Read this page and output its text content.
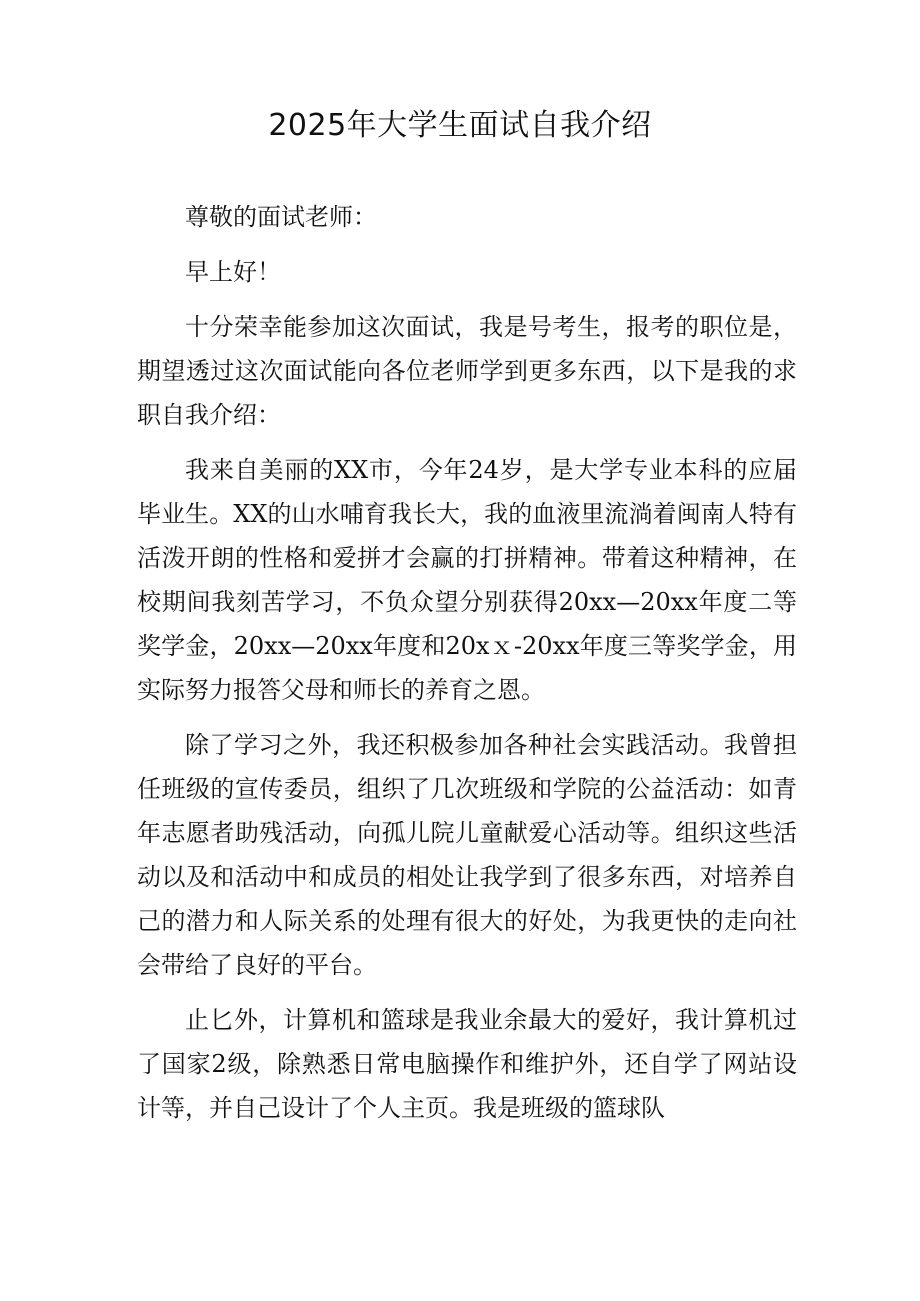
2025年大学生面试自我介绍

尊敬的面试老师：

早上好！

十分荣幸能参加这次面试，我是号考生，报考的职位是，期望透过这次面试能向各位老师学到更多东西，以下是我的求职自我介绍：

我来自美丽的XX市，今年24岁，是大学专业本科的应届毕业生。XX的山水哺育我长大，我的血液里流淌着闽南人特有活泼开朗的性格和爱拼才会赢的打拼精神。带着这种精神，在校期间我刻苦学习，不负众望分别获得20xx—20xx年度二等奖学金，20xx—20xx年度和20xｘ-20xx年度三等奖学金，用实际努力报答父母和师长的养育之恩。

除了学习之外，我还积极参加各种社会实践活动。我曾担任班级的宣传委员，组织了几次班级和学院的公益活动：如青年志愿者助残活动，向孤儿院儿童献爱心活动等。组织这些活动以及和活动中和成员的相处让我学到了很多东西，对培养自己的潜力和人际关系的处理有很大的好处，为我更快的走向社会带给了良好的平台。

止匕外，计算机和篮球是我业余最大的爱好，我计算机过了国家2级，除熟悉日常电脑操作和维护外，还自学了网站设计等，并自己设计了个人主页。我是班级的篮球队
